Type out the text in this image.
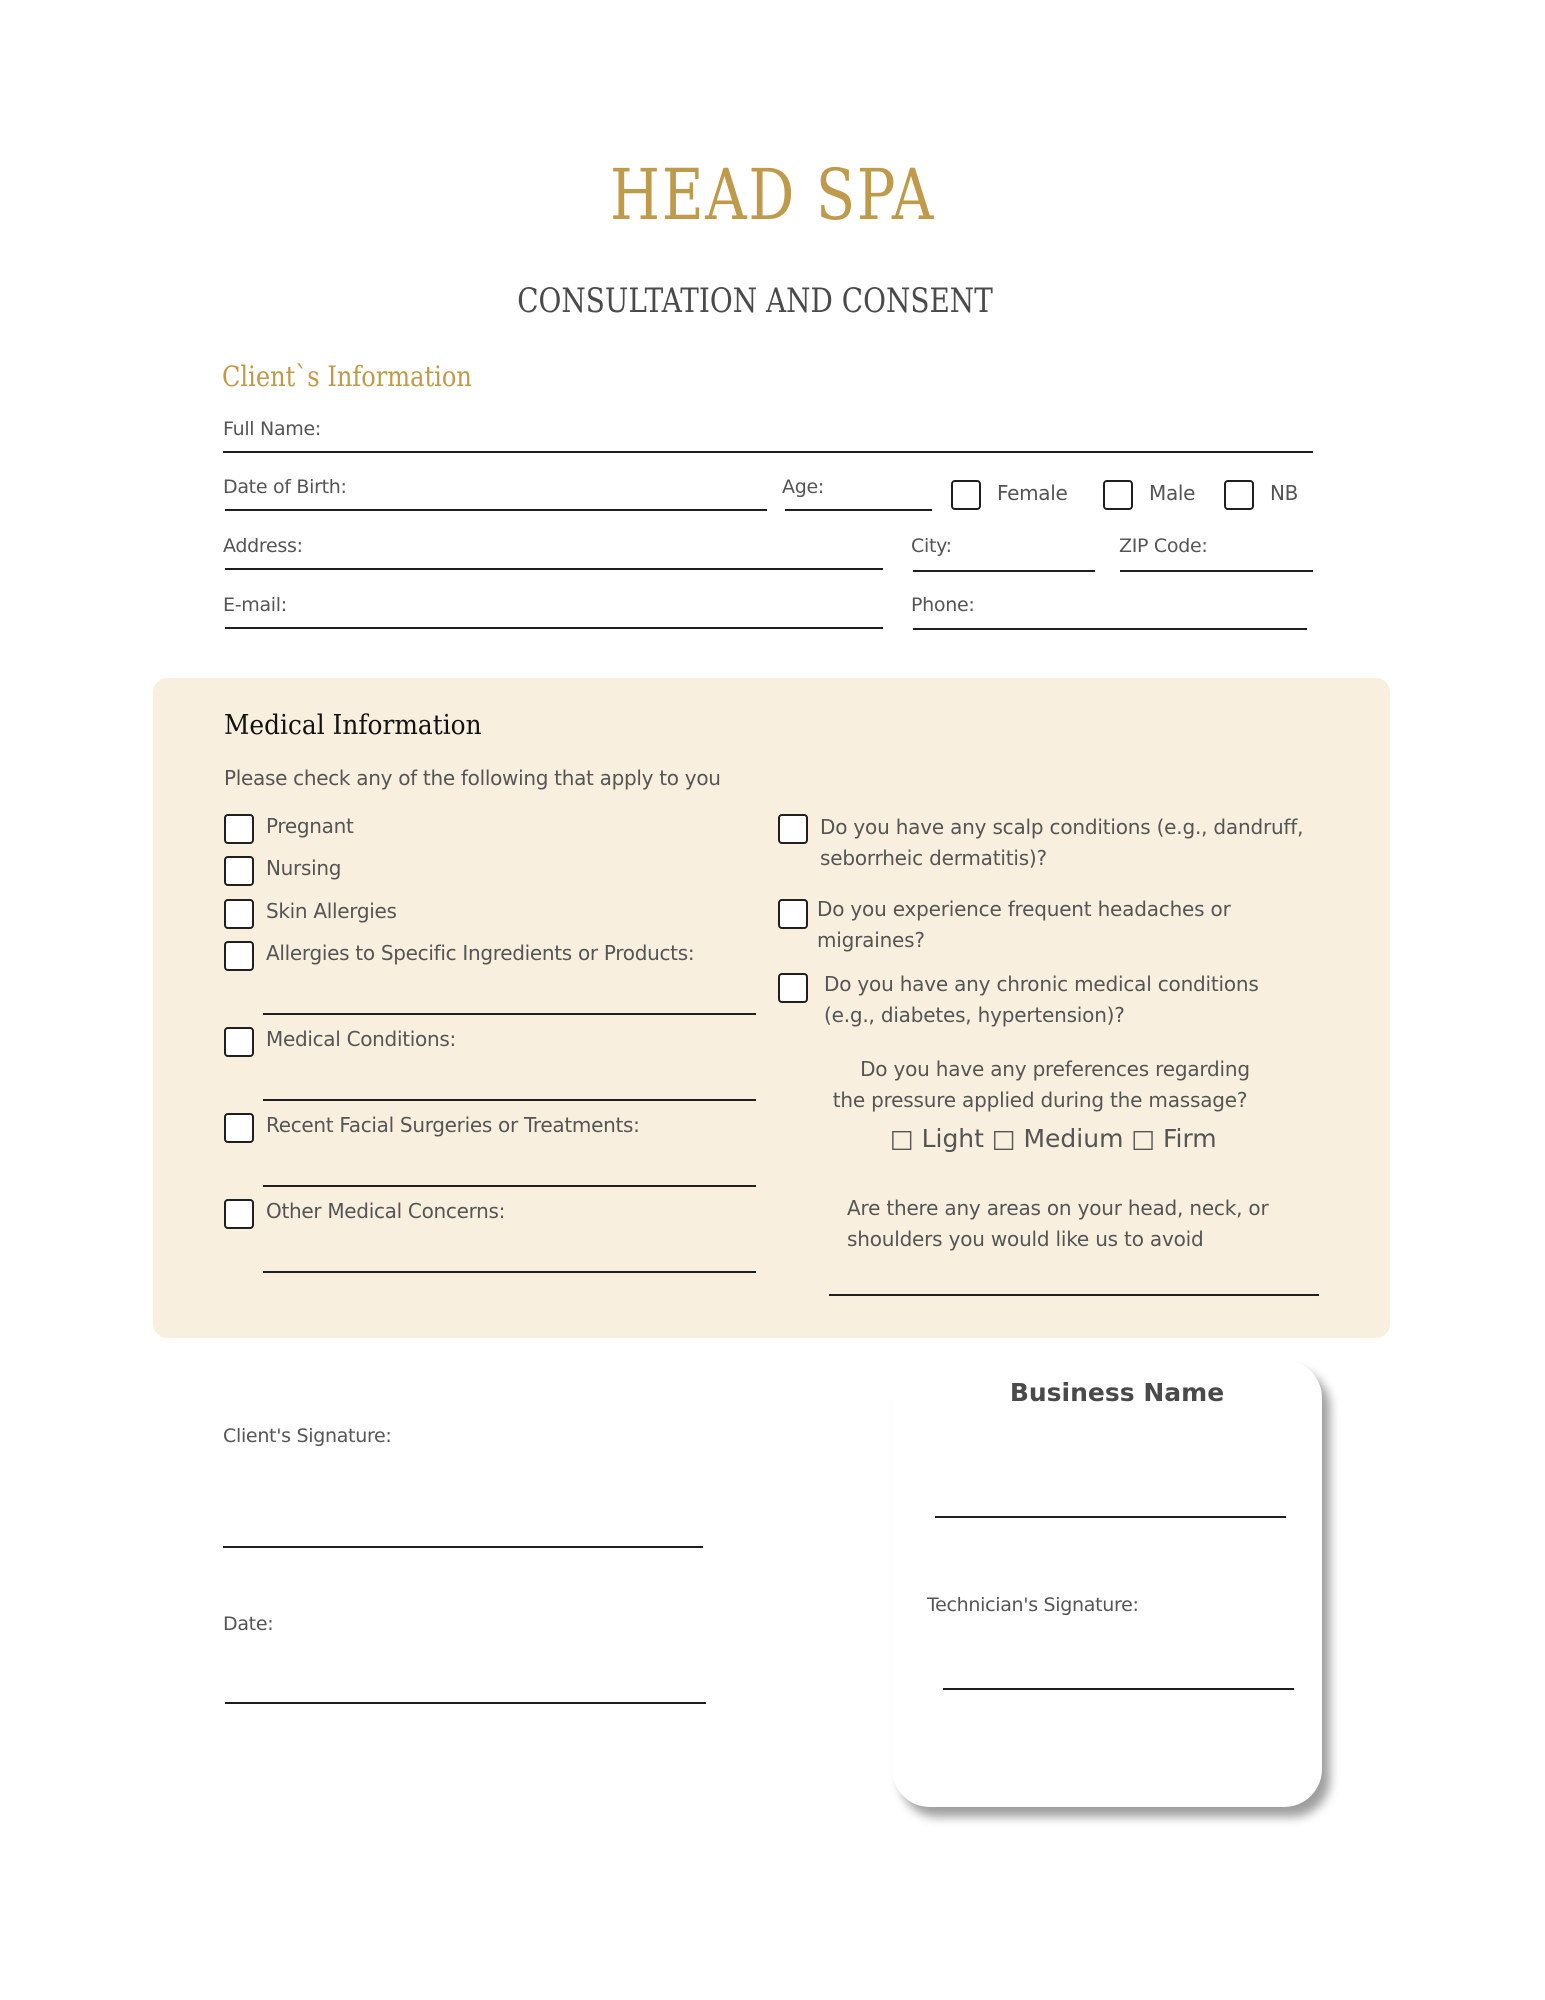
HEAD SPA
CONSULTATION AND CONSENT
Client`s Information
Full Name:
Date of Birth:	Age:	Female	Male	NB
Address:	City:	ZIP Code:
E-mail:	Phone:
Medical Information
Please check any of the following that apply to you
Pregnant
Nursing
Skin Allergies
Allergies to Specific Ingredients or Products:
Medical Conditions:
Recent Facial Surgeries or Treatments:
Other Medical Concerns:
Do you have any scalp conditions (e.g., dandruff,
seborrheic dermatitis)?
Do you experience frequent headaches or
migraines?
Do you have any chronic medical conditions
(e.g., diabetes, hypertension)?
Do you have any preferences regarding
the pressure applied during the massage?
□ Light □ Medium □ Firm
Are there any areas on your head, neck, or
shoulders you would like us to avoid
Client's Signature:
Date:
Business Name
Technician's Signature:
